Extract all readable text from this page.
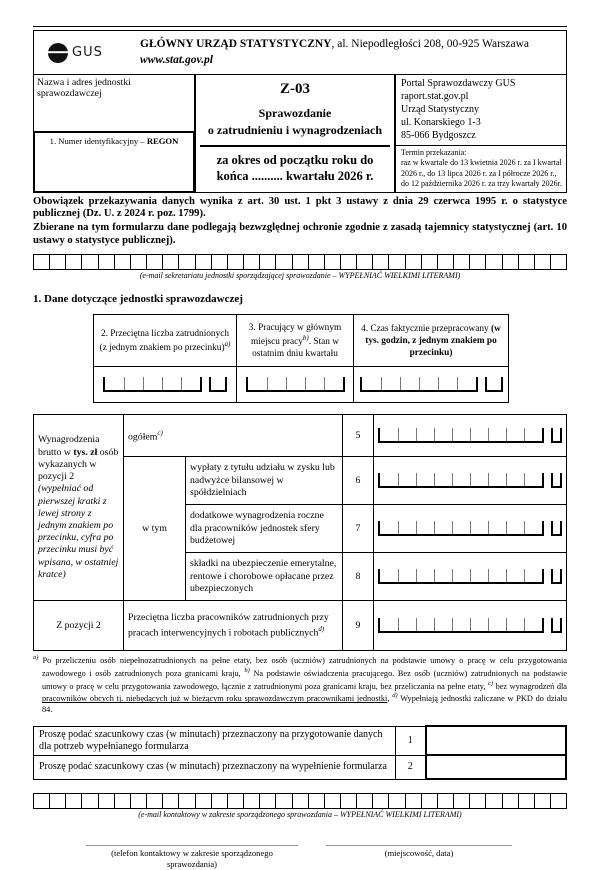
GUS
GŁÓWNY URZĄD STATYSTYCZNY, al. Niepodległości 208, 00-925 Warszawa
www.stat.gov.pl
Nazwa i adres jednostki sprawozdawczej
1. Numer identyfikacyjny – REGON
Z-03
Sprawozdanie
o zatrudnieniu i wynagrodzeniach
za okres od początku roku do końca .......... kwartału 2026 r.
Portal Sprawozdawczy GUS
raport.stat.gov.pl
Urząd Statystyczny
ul. Konarskiego 1-3
85-066 Bydgoszcz
Termin przekazania:
raz w kwartale do 13 kwietnia 2026 r. za I kwartał 2026 r., do 13 lipca 2026 r. za I półrocze 2026 r., do 12 października 2026 r. za trzy kwartały 2026r.

Obowiązek przekazywania danych wynika z art. 30 ust. 1 pkt 3 ustawy z dnia 29 czerwca 1995 r. o statystyce publicznej (Dz. U. z 2024 r. poz. 1799).

Zbierane na tym formularzu dane podlegają bezwzględnej ochronie zgodnie z zasadą tajemnicy statystycznej (art. 10 ustawy o statystyce publicznej).

(e-mail sekretariatu jednostki sporządzającej sprawozdanie – WYPEŁNIAĆ WIELKIMI LITERAMI)
1. Dane dotyczące jednostki sprawozdawczej
2. Przeciętna liczba zatrudnionych (z jednym znakiem po przecinku)$^{a)}$	3. Pracujący w głównym miejscu pracy$^{b)}$. Stan w ostatnim dniu kwartału	4. Czas faktycznie przepracowany (w tys. godzin, z jednym znakiem po przecinku)

Wynagrodzenia brutto w tys. zł osób wykazanych w pozycji 2 (wypełniać od pierwszej kratki z lewej strony z jednym znakiem po przecinku, cyfra po przecinku musi być wpisana, w ostatniej kratce)	ogółem$^{c)}$		5	

	w tym	wypłaty z tytułu udziału w zysku lub nadwyżce bilansowej w spółdzielniach	6	

		dodatkowe wynagrodzenia roczne dla pracowników jednostek sfery budżetowej	7	

		składki na ubezpieczenie emerytalne, rentowe i chorobowe opłacane przez ubezpieczonych	8	

Z pozycji 2	Przeciętna liczba pracowników zatrudnionych przy pracach interwencyjnych i robotach publicznych$^{d)}$		9	
$^{a)}$ Po przeliczeniu osób niepełnozatrudnionych na pełne etaty, bez osób (uczniów) zatrudnionych na podstawie umowy o pracę w celu przygotowania zawodowego i osób zatrudnionych poza granicami kraju, $^{b)}$ Na podstawie oświadczenia pracującego. Bez osób (uczniów) zatrudnionych na podstawie umowy o pracę w celu przygotowania zawodowego, łącznie z zatrudnionymi poza granicami kraju, bez przeliczania na pełne etaty, $^{c)}$ bez wynagrodzeń dla pracowników obcych tj. niebędących już w bieżącym roku sprawozdawczym pracownikami jednostki, $^{d)}$ Wypełniają jednostki zaliczane w PKD do działu 84.
Proszę podać szacunkowy czas (w minutach) przeznaczony na przygotowanie danych dla potrzeb wypełnianego formularza	1	
Proszę podać szacunkowy czas (w minutach) przeznaczony na wypełnienie formularza	2	
(e-mail kontaktowy w zakresie sporządzonego sprawozdania – WYPEŁNIAĆ WIELKIMI LITERAMI)
(telefon kontaktowy w zakresie sporządzonego sprawozdania)
(miejscowość, data)
